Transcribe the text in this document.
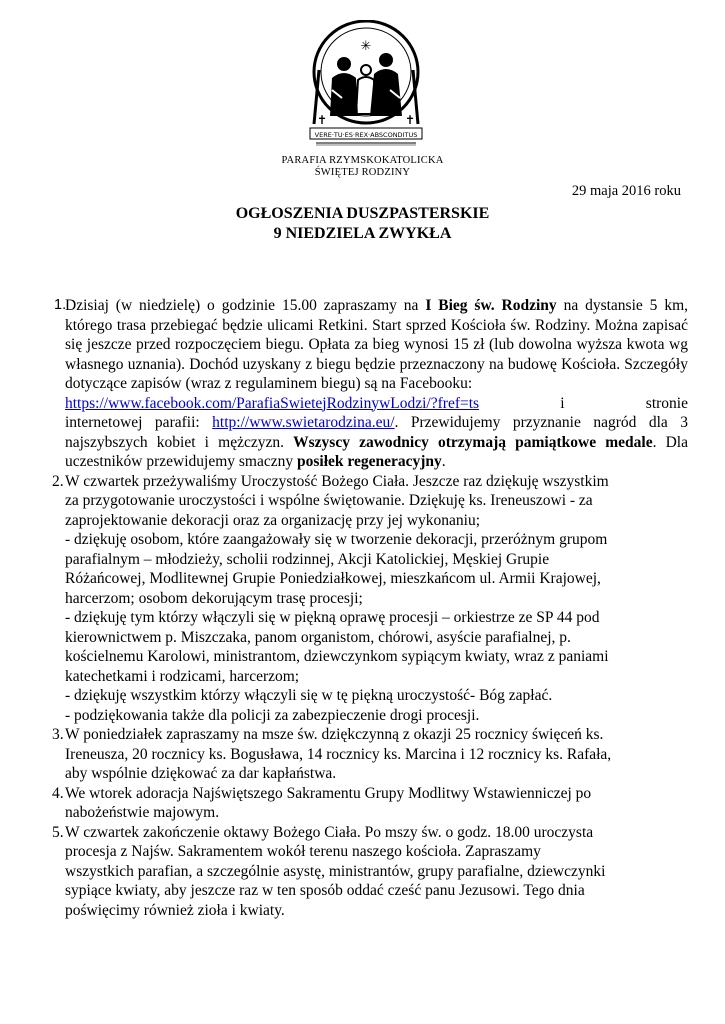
✳
✝	✝
VERE·TU·ES·REX·ABSCONDITUS
PARAFIA RZYMSKOKATOLICKA
ŚWIĘTEJ RODZINY
29 maja 2016 roku
OGŁOSZENIA DUSZPASTERSKIE
9 NIEDZIELA ZWYKŁA
1.

Dzisiaj (w niedzielę) o godzinie 15.00 zapraszamy na I Bieg św. Rodziny na dystansie 5 km, którego trasa przebiegać będzie ulicami Retkini. Start sprzed Kościoła św. Rodziny. Można zapisać się jeszcze przed rozpoczęciem biegu. Opłata za bieg wynosi 15 zł (lub dowolna wyższa kwota wg własnego uznania). Dochód uzyskany z biegu będzie przeznaczony na budowę Kościoła. Szczegóły dotyczące zapisów (wraz z regulaminem biegu) są na Facebooku:

https://www.facebook.com/ParafiaSwietejRodzinywLodzi/?fref=ts	i	stronie

internetowej parafii: http://www.swietarodzina.eu/. Przewidujemy przyznanie nagród dla 3 najszybszych kobiet i mężczyzn. Wszyscy zawodnicy otrzymają pamiątkowe medale. Dla uczestników przewidujemy smaczny posiłek regeneracyjny.

2. W czwartek przeżywaliśmy Uroczystość Bożego Ciała. Jeszcze raz dziękuję wszystkim
za przygotowanie uroczystości i wspólne świętowanie. Dziękuję ks. Ireneuszowi - za
zaprojektowanie dekoracji oraz za organizację przy jej wykonaniu;
- dziękuję osobom, które zaangażowały się w tworzenie dekoracji, przeróżnym grupom
parafialnym – młodzieży, scholii rodzinnej, Akcji Katolickiej, Męskiej Grupie
Różańcowej, Modlitewnej Grupie Poniedziałkowej, mieszkańcom ul. Armii Krajowej,
harcerzom; osobom dekorującym trasę procesji;
- dziękuję tym którzy włączyli się w piękną oprawę procesji – orkiestrze ze SP 44 pod
kierownictwem p. Miszczaka, panom organistom, chórowi, asyście parafialnej, p.
kościelnemu Karolowi, ministrantom, dziewczynkom sypiącym kwiaty, wraz z paniami
katechetkami i rodzicami, harcerzom;
- dziękuję wszystkim którzy włączyli się w tę piękną uroczystość- Bóg zapłać.
- podziękowania także dla policji za zabezpieczenie drogi procesji.
3. W poniedziałek zapraszamy na msze św. dziękczynną z okazji 25 rocznicy święceń ks.
Ireneusza, 20 rocznicy ks. Bogusława, 14 rocznicy ks. Marcina i 12 rocznicy ks. Rafała,
aby wspólnie dziękować za dar kapłaństwa.
4. We wtorek adoracja Najświętszego Sakramentu Grupy Modlitwy Wstawienniczej po
nabożeństwie majowym.
5. W czwartek zakończenie oktawy Bożego Ciała. Po mszy św. o godz. 18.00 uroczysta
procesja z Najśw. Sakramentem wokół terenu naszego kościoła. Zapraszamy
wszystkich parafian, a szczególnie asystę, ministrantów, grupy parafialne, dziewczynki
sypiące kwiaty, aby jeszcze raz w ten sposób oddać cześć panu Jezusowi. Tego dnia
poświęcimy również zioła i kwiaty.
